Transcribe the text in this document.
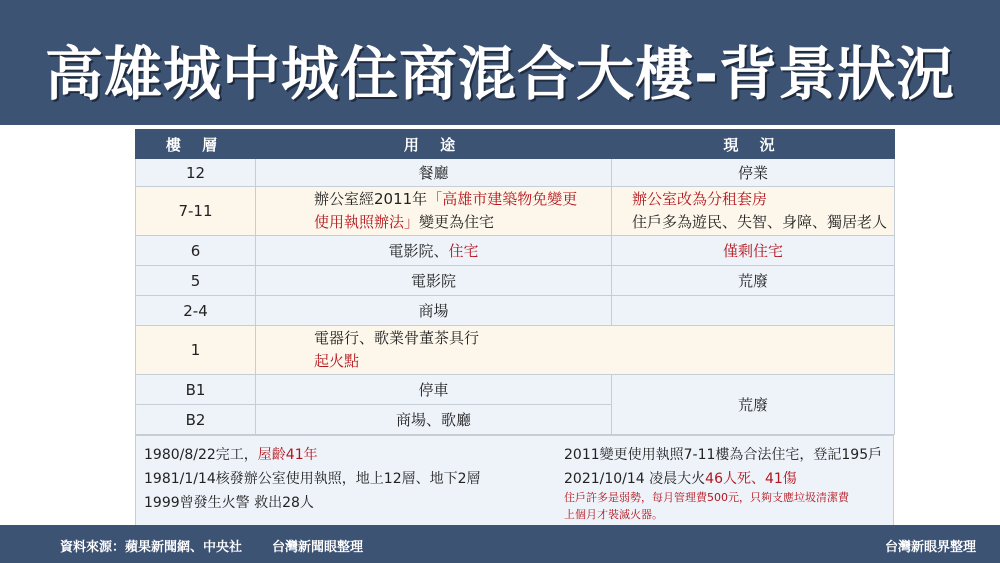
高雄城中城住商混合大樓-背景狀況
樓 層	用 途	現 況
12	餐廳	停業
7-11	辦公室經2011年「高雄市建築物免變更
使用執照辦法」變更為住宅	辦公室改為分租套房
住戶多為遊民、失智、身障、獨居老人
6	電影院、住宅	僅剩住宅
5	電影院	荒廢
2-4	商場	
1	電器行、歌業骨董茶具行
起火點	
B1	停車	荒廢
B2	商場、歌廳	
1980/8/22完工，屋齡41年
1981/1/14核發辦公室使用執照，地上12層、地下2層
1999曾發生火警 救出28人
2011變更使用執照7-11樓為合法住宅，登記195戶
2021/10/14 凌晨大火46人死、41傷
住戶許多是弱勢，每月管理費500元，只夠支應垃圾清潔費
上個月才裝滅火器。
資料來源：蘋果新聞網、中央社 台灣新聞眼整理	台灣新眼界整理
